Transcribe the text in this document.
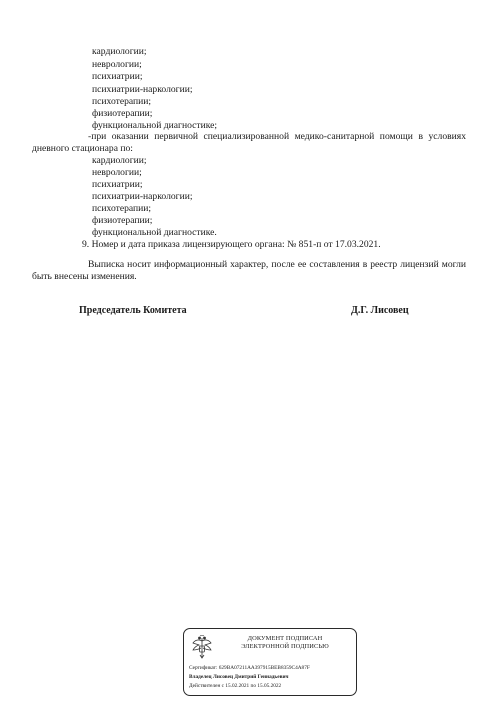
кардиологии;
неврологии;
психиатрии;
психиатрии-наркологии;
психотерапии;
физиотерапии;
функциональной диагностике;
-при оказании первичной специализированной медико-санитарной помощи в условиях дневного стационара по:
кардиологии;
неврологии;
психиатрии;
психиатрии-наркологии;
психотерапии;
физиотерапии;
функциональной диагностике.
9. Номер и дата приказа лицензирующего органа: № 851-п от 17.03.2021.
Выписка носит информационный характер, после ее составления в реестр лицензий могли быть внесены изменения.
Председатель Комитета	Д.Г. Лисовец
ДОКУМЕНТ ПОДПИСАН
ЭЛЕКТРОННОЙ ПОДПИСЬЮ
Сертификат: 629BA07211AA397915BEB8359C4A87F
Владелец Лисовец Дмитрий Геннадьевич
Действителен с 15.02.2021 по 15.05.2022
